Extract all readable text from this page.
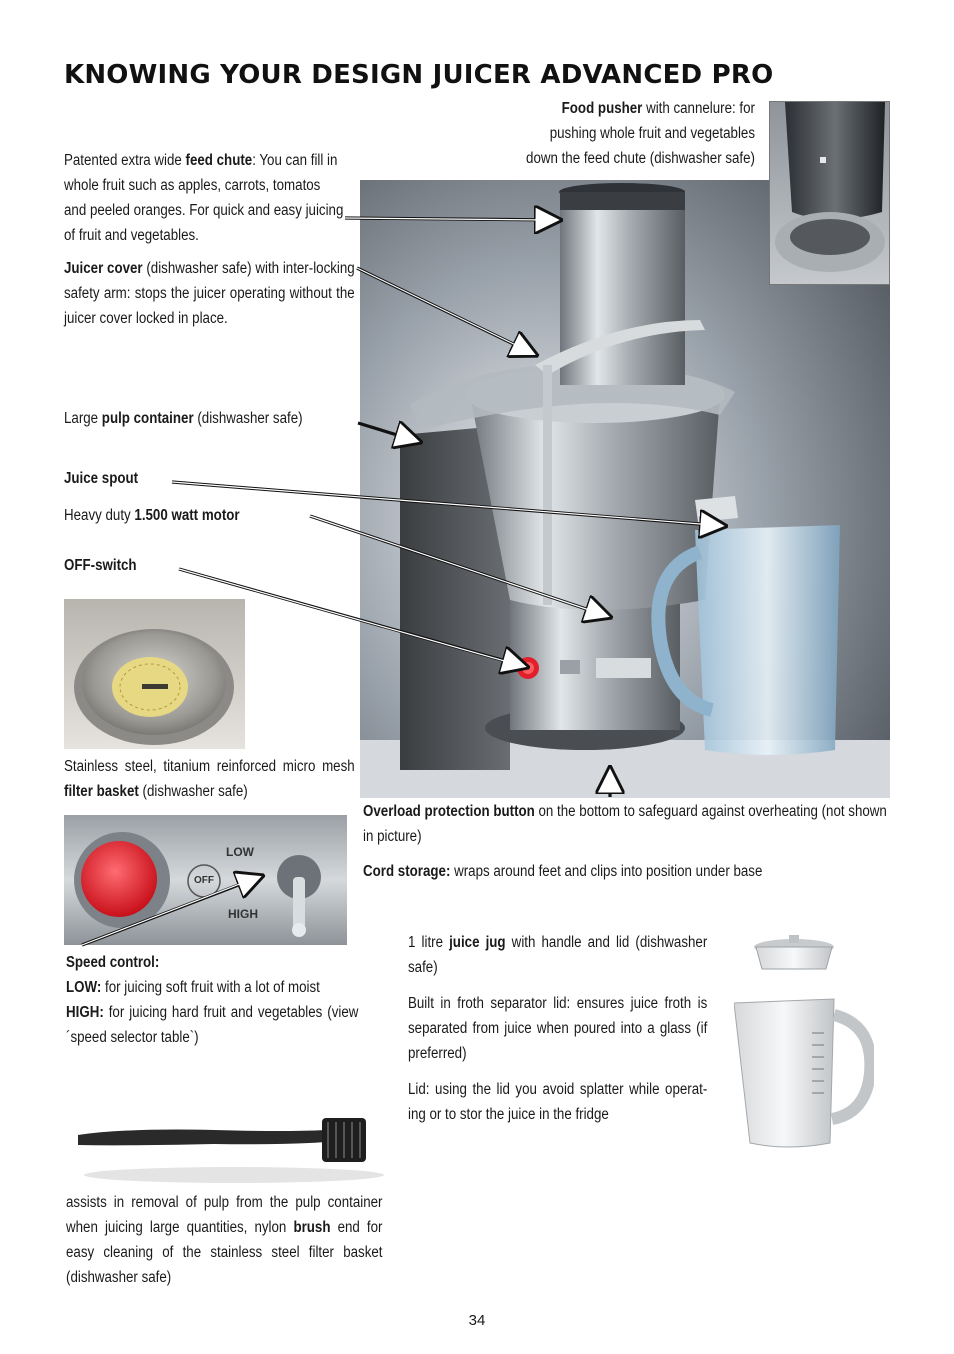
KNOWING YOUR DESIGN JUICER ADVANCED PRO
Food pusher with cannelure: for pushing whole fruit and vegetables down the feed chute (dishwasher safe)
Patented extra wide feed chute: You can fill in whole fruit such as apples, carrots, tomatos and peeled oranges. For quick and easy juicing of fruit and vegetables.
Juicer cover (dishwasher safe) with inter-locking safety arm: stops the juicer operating without the juicer cover locked in place.
Large pulp container (dishwasher safe)
Juice spout
Heavy duty 1.500 watt motor
OFF-switch
Stainless steel, titanium reinforced micro mesh filter basket (dishwasher safe)
LOW
OFF
HIGH

Speed control:

LOW: for juicing soft fruit with a lot of moist

HIGH: for juicing hard fruit and vegetables (view ´speed selector table`)

Overload protection button on the bottom to safeguard against overheating (not shown in picture)
Cord storage: wraps around feet and clips into position under base

1 litre juice jug with handle and lid (dishwasher safe)

Built in froth separator lid: ensures juice froth is separated from juice when poured into a glass (if preferred)

Lid: using the lid you avoid splatter while operat-ing or to stor the juice in the fridge

assists in removal of pulp from the pulp container when juicing large quantities, nylon brush end for easy cleaning of the stainless steel filter basket (dishwasher safe)
34
